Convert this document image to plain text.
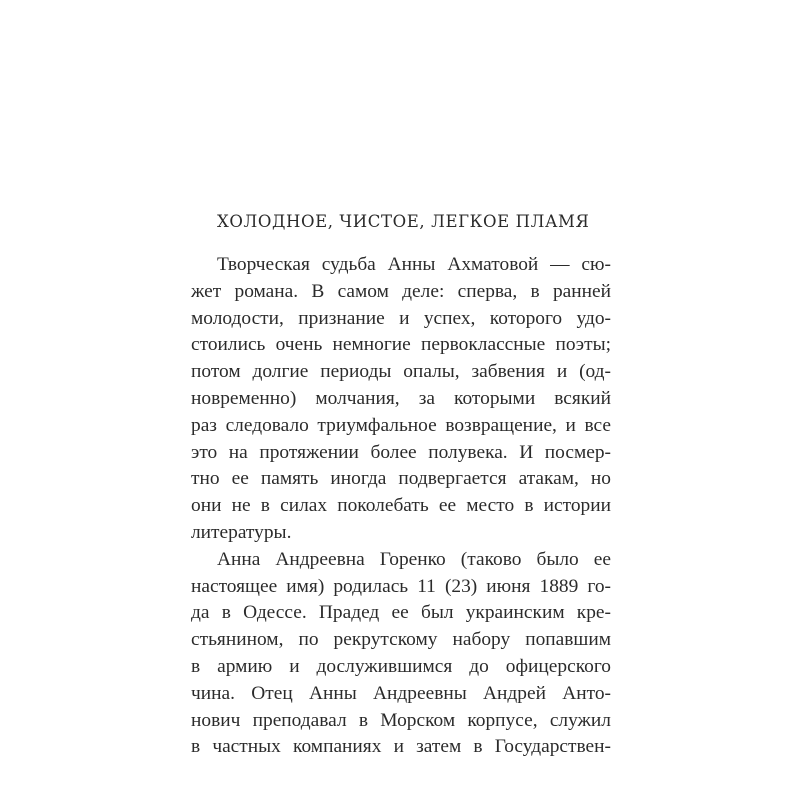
ХОЛОДНОЕ, ЧИСТОЕ, ЛЕГКОЕ ПЛАМЯ
Творческая судьба Анны Ахматовой — сю-
жет романа. В самом деле: сперва, в ранней
молодости, признание и успех, которого удо-
стоились очень немногие первоклассные поэты;
потом долгие периоды опалы, забвения и (од-
новременно) молчания, за которыми всякий
раз следовало триумфальное возвращение, и все
это на протяжении более полувека. И посмер-
тно ее память иногда подвергается атакам, но
они не в силах поколебать ее место в истории
литературы.
Анна Андреевна Горенко (таково было ее
настоящее имя) родилась 11 (23) июня 1889 го-
да в Одессе. Прадед ее был украинским кре-
стьянином, по рекрутскому набору попавшим
в армию и дослужившимся до офицерского
чина. Отец Анны Андреевны Андрей Анто-
нович преподавал в Морском корпусе, служил
в частных компаниях и затем в Государствен-
